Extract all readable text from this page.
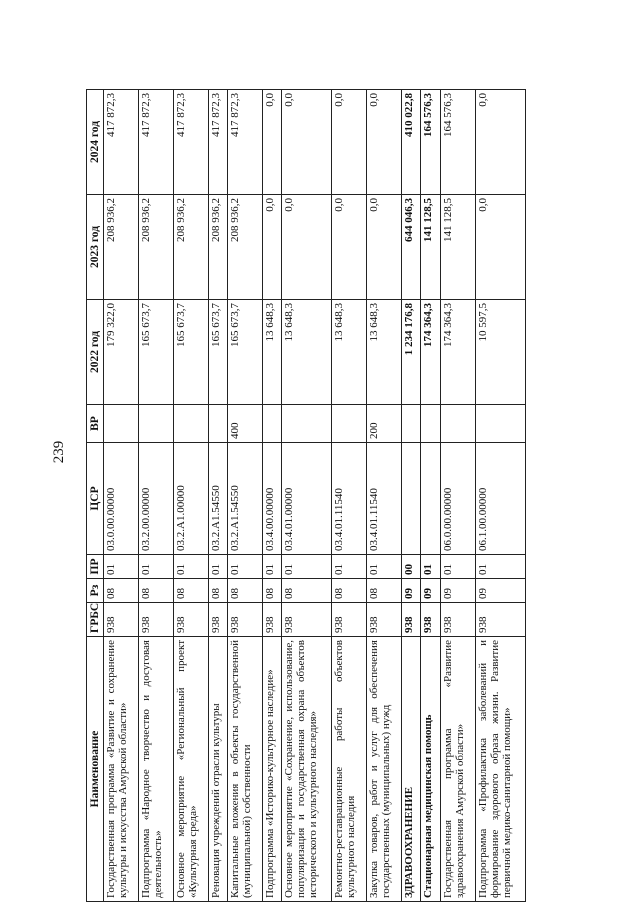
239
Наименование	ГРБС	Рз	ПР	ЦСР	ВР	2022 год	2023 год	2024 год
Государственная программа «Развитие и сохранение культуры и искусства Амурской области»	938	08	01	03.0.00.00000		179 322,0	208 936,2	417 872,3
Подпрограмма «Народное творчество и досуговая деятельность»	938	08	01	03.2.00.00000		165 673,7	208 936,2	417 872,3
Основное мероприятие «Региональный проект «Культурная среда»	938	08	01	03.2.A1.00000		165 673,7	208 936,2	417 872,3
Реновация учреждений отрасли культуры	938	08	01	03.2.A1.54550		165 673,7	208 936,2	417 872,3
Капитальные вложения в объекты государственной (муниципальной) собственности	938	08	01	03.2.A1.54550	400	165 673,7	208 936,2	417 872,3
Подпрограмма «Историко-культурное наследие»	938	08	01	03.4.00.00000		13 648,3	0,0	0,0
Основное мероприятие «Сохранение, использование, популяризация и государственная охрана объектов исторического и культурного наследия»	938	08	01	03.4.01.00000		13 648,3	0,0	0,0
Ремонтно-реставрационные работы объектов культурного наследия	938	08	01	03.4.01.11540		13 648,3	0,0	0,0
Закупка товаров, работ и услуг для обеспечения государственных (муниципальных) нужд	938	08	01	03.4.01.11540	200	13 648,3	0,0	0,0
ЗДРАВООХРАНЕНИЕ	938	09	00			1 234 176,8	644 046,3	410 022,8
Стационарная медицинская помощь	938	09	01			174 364,3	141 128,5	164 576,3
Государственная программа «Развитие здравоохранения Амурской области»	938	09	01	06.0.00.00000		174 364,3	141 128,5	164 576,3
Подпрограмма «Профилактика заболеваний и формирование здорового образа жизни. Развитие первичной медико-санитарной помощи»	938	09	01	06.1.00.00000		10 597,5	0,0	0,0
